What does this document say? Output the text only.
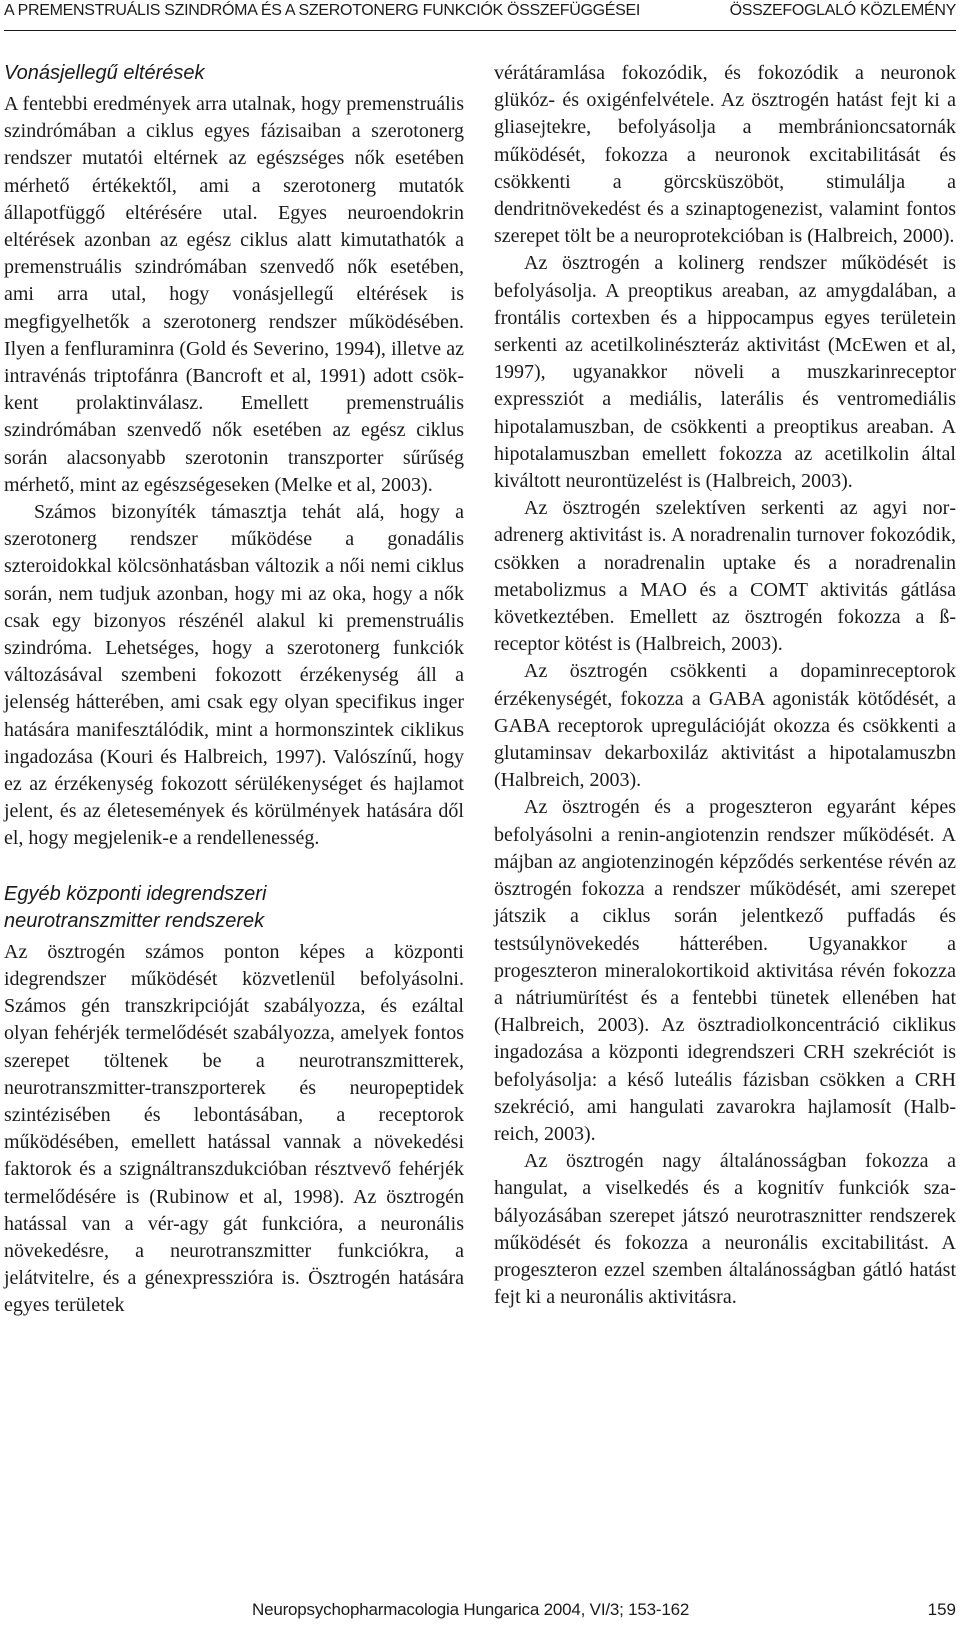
A PREMENSTRUÁLIS SZINDRÓMA ÉS A SZEROTONERG FUNKCIÓK ÖSSZEFÜGGÉSEI	ÖSSZEFOGLALÓ KÖZLEMÉNY
Vonásjellegű eltérések

A fentebbi eredmények arra utalnak, hogy premenstruális szindrómában a ciklus egyes fázisaiban a szerotonerg rendszer mutatói eltérnek az egészséges nők esetében mérhető értékektől, ami a szerotonerg mutatók állapotfüggő eltérésére utal. Egyes neuroendokrin eltérések azonban az egész ciklus alatt kimutathatók a premenstruális szindrómában szenvedő nők esetében, ami arra utal, hogy vonásjellegű eltérések is megfigyelhetők a szerotonerg rendszer működésében. Ilyen a fenfluraminra (Gold és Severino, 1994), illetve az intravénás triptofánra (Bancroft et al, 1991) adott csökkent prolaktinválasz. Emellett premenstruális szindrómában szenvedő nők esetében az egész ciklus során alacsonyabb szerotonin transzporter sűrűség mérhető, mint az egészségeseken (Melke et al, 2003).

Számos bizonyíték támasztja tehát alá, hogy a szerotonerg rendszer működése a gonadális szteroidokkal kölcsönhatásban változik a női nemi ciklus során, nem tudjuk azonban, hogy mi az oka, hogy a nők csak egy bizonyos részénél alakul ki premenstruális szindróma. Lehetséges, hogy a szerotonerg funkciók változásával szembeni fokozott érzékenység áll a jelenség hátterében, ami csak egy olyan specifikus inger hatására manifesztálódik, mint a hormonszintek ciklikus ingadozása (Kouri és Halbreich, 1997). Valószínű, hogy ez az érzékenység fokozott sérülékenységet és hajlamot jelent, és az életesemények és körülmények hatására dől el, hogy megjelenik-e a rendellenesség.

Egyéb központi idegrendszeri
neurotranszmitter rendszerek

Az ösztrogén számos ponton képes a központi idegrendszer működését közvetlenül befolyásolni. Számos gén transzkripcióját szabályozza, és ezáltal olyan fehérjék termelődését szabályozza, amelyek fontos szerepet töltenek be a neurotranszmitterek, neurotranszmitter-transzporterek és neuropeptidek szintézisében és lebontásában, a receptorok működésében, emellett hatással vannak a növekedési faktorok és a szignáltranszdukcióban résztvevő fehérjék termelődésére is (Rubinow et al, 1998). Az ösztrogén hatással van a vér-agy gát funkcióra, a neuronális növekedésre, a neurotranszmitter funkciókra, a jelátvitelre, és a génexpresszióra is. Ösztrogén hatására egyes területek

vérátáramlása fokozódik, és fokozódik a neuronok glükóz- és oxigénfelvétele. Az ösztrogén hatást fejt ki a gliasejtekre, befolyásolja a membránioncsatornák működését, fokozza a neuronok excitabilitását és csökkenti a görcsküszöböt, stimulálja a dendritnövekedést és a szinaptogenezist, valamint fontos szerepet tölt be a neuroprotekcióban is (Halbreich, 2000).

Az ösztrogén a kolinerg rendszer működését is befolyásolja. A preoptikus areaban, az amygdalában, a frontális cortexben és a hippocampus egyes területein serkenti az acetilkolinészteráz aktivitást (McEwen et al, 1997), ugyanakkor növeli a muszkarinreceptor expressziót a mediális, laterális és ventromediális hipotalamuszban, de csökkenti a preoptikus areaban. A hipotalamuszban emellett fokozza az acetilkolin által kiváltott neurontüzelést is (Halbreich, 2003).

Az ösztrogén szelektíven serkenti az agyi noradrenerg aktivitást is. A noradrenalin turnover fokozódik, csökken a noradrenalin uptake és a noradrenalin metabolizmus a MAO és a COMT aktivitás gátlása következtében. Emellett az ösztrogén fokozza a ß-receptor kötést is (Halbreich, 2003).

Az ösztrogén csökkenti a dopaminreceptorok érzékenységét, fokozza a GABA agonisták kötődését, a GABA receptorok upregulációját okozza és csökkenti a glutaminsav dekarboxiláz aktivitást a hipotalamuszbn (Halbreich, 2003).

Az ösztrogén és a progeszteron egyaránt képes befolyásolni a renin-angiotenzin rendszer működését. A májban az angiotenzinogén képződés serkentése révén az ösztrogén fokozza a rendszer működését, ami szerepet játszik a ciklus során jelentkező puffadás és testsúlynövekedés hátterében. Ugyanakkor a progeszteron mineralokortikoid aktivitása révén fokozza a nátriumürítést és a fentebbi tünetek ellenében hat (Halbreich, 2003). Az ösztradiolkoncentráció ciklikus ingadozása a központi idegrendszeri CRH szekréciót is befolyásolja: a késő luteális fázisban csökken a CRH szekréció, ami hangulati zavarokra hajlamosít (Halbreich, 2003).

Az ösztrogén nagy általánosságban fokozza a hangulat, a viselkedés és a kognitív funkciók szabályozásában szerepet játszó neurotrasznitter rendszerek működését és fokozza a neuronális excitabilitást. A progeszteron ezzel szemben általánosságban gátló hatást fejt ki a neuronális aktivitásra.

Neuropsychopharmacologia Hungarica 2004, VI/3; 153-162	159
